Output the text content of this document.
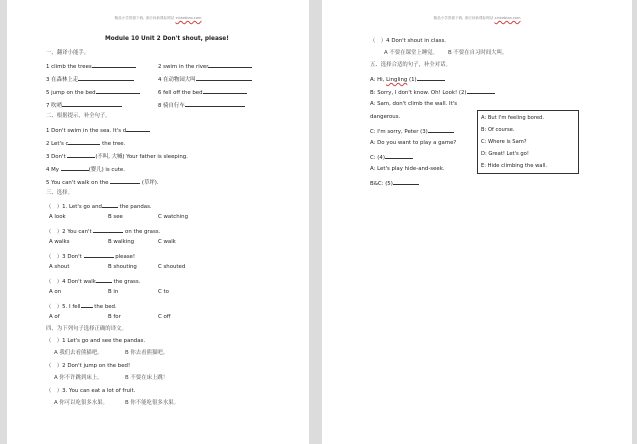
精品小学资源下载, 请访问新课标网站 xinkebiao.com
Module 10 Unit 2 Don't shout, please!
一、翻译小能手。
1 climb the trees	2 swim in the river
3 在森林上走	4 在动物园大叫
5 jump on the bed	6 fell off the bed
7 吹哨	8 骑自行车
二、根据提示，补全句子。
1 Don't swim in the sea. It's d
2 Let's c	the tree.
3 Don't	(不叫, 大喊) Your father is sleeping.
4 My	(婴儿) is cute.
5 You can't walk on the	(草坪).
三、选择。
（　）1. Let's go and	the pandas.
A look	B see	C watching
（　）2 You can't	on the grass.
A walks	B walking	C walk
（　）3 Don't	please!
A shout	B shouting	C shouted
（　）4 Don't walk	the grass.
A on	B in	C to
（　）5. I fell the bed.
A of	B for	C off
四、为下列句子选择正确的译文。
（　）1 Let's go and see the pandas.
A 我们去看熊猫吧。	B 你去看熊猫吧。
（　）2 Don't jump on the bed!
A 你不许跳到床上。	B 不要在床上跳！
（　）3. You can eat a lot of fruit.
A 你可以吃很多水果。	B 你不能吃很多水果。
精品小学资源下载, 请访问新课标网站 xinkebiao.com
（　）4 Don't shout in class.
A 不要在课堂上睡觉。 B 不要在自习时间大叫。
五、选择合适的句子，补全对话。
A: Hi, Lingling (1)
B: Sorry, I don't know. Oh! Look! (2)
A: Sam, don't climb the wall. It's
dangerous.
C: I'm sorry, Peter (3)
A: Do you want to play a game?
C: (4)
A: Let's play hide-and-seek.
B&C: (5)
A: But I'm feeling bored.
B: Of course.
C: Where is Sam?
D: Great! Let's go!
E: Hide climbing the wall.
